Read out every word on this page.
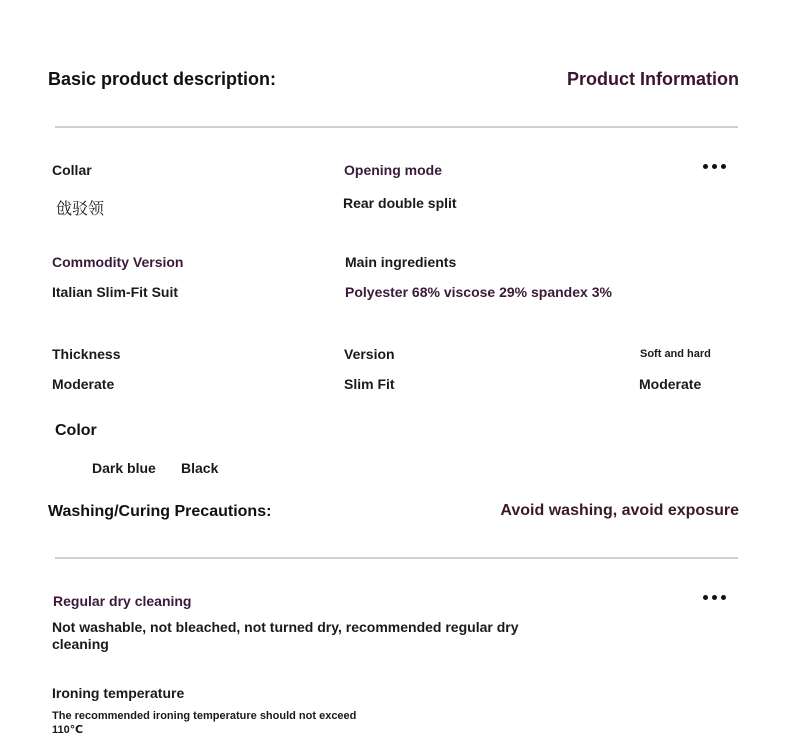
Basic product description:	Product Information
Collar
戗驳领
Opening mode
Rear double split
Commodity Version
Italian Slim-Fit Suit
Main ingredients
Polyester 68% viscose 29% spandex 3%
Thickness
Moderate
Version
Slim Fit
Soft and hard
Moderate
Color
Dark blue Black
Washing/Curing Precautions:	Avoid washing, avoid exposure
Regular dry cleaning
Not washable, not bleached, not turned dry, recommended regular dry cleaning
Ironing temperature
The recommended ironing temperature should not exceed 110℃
